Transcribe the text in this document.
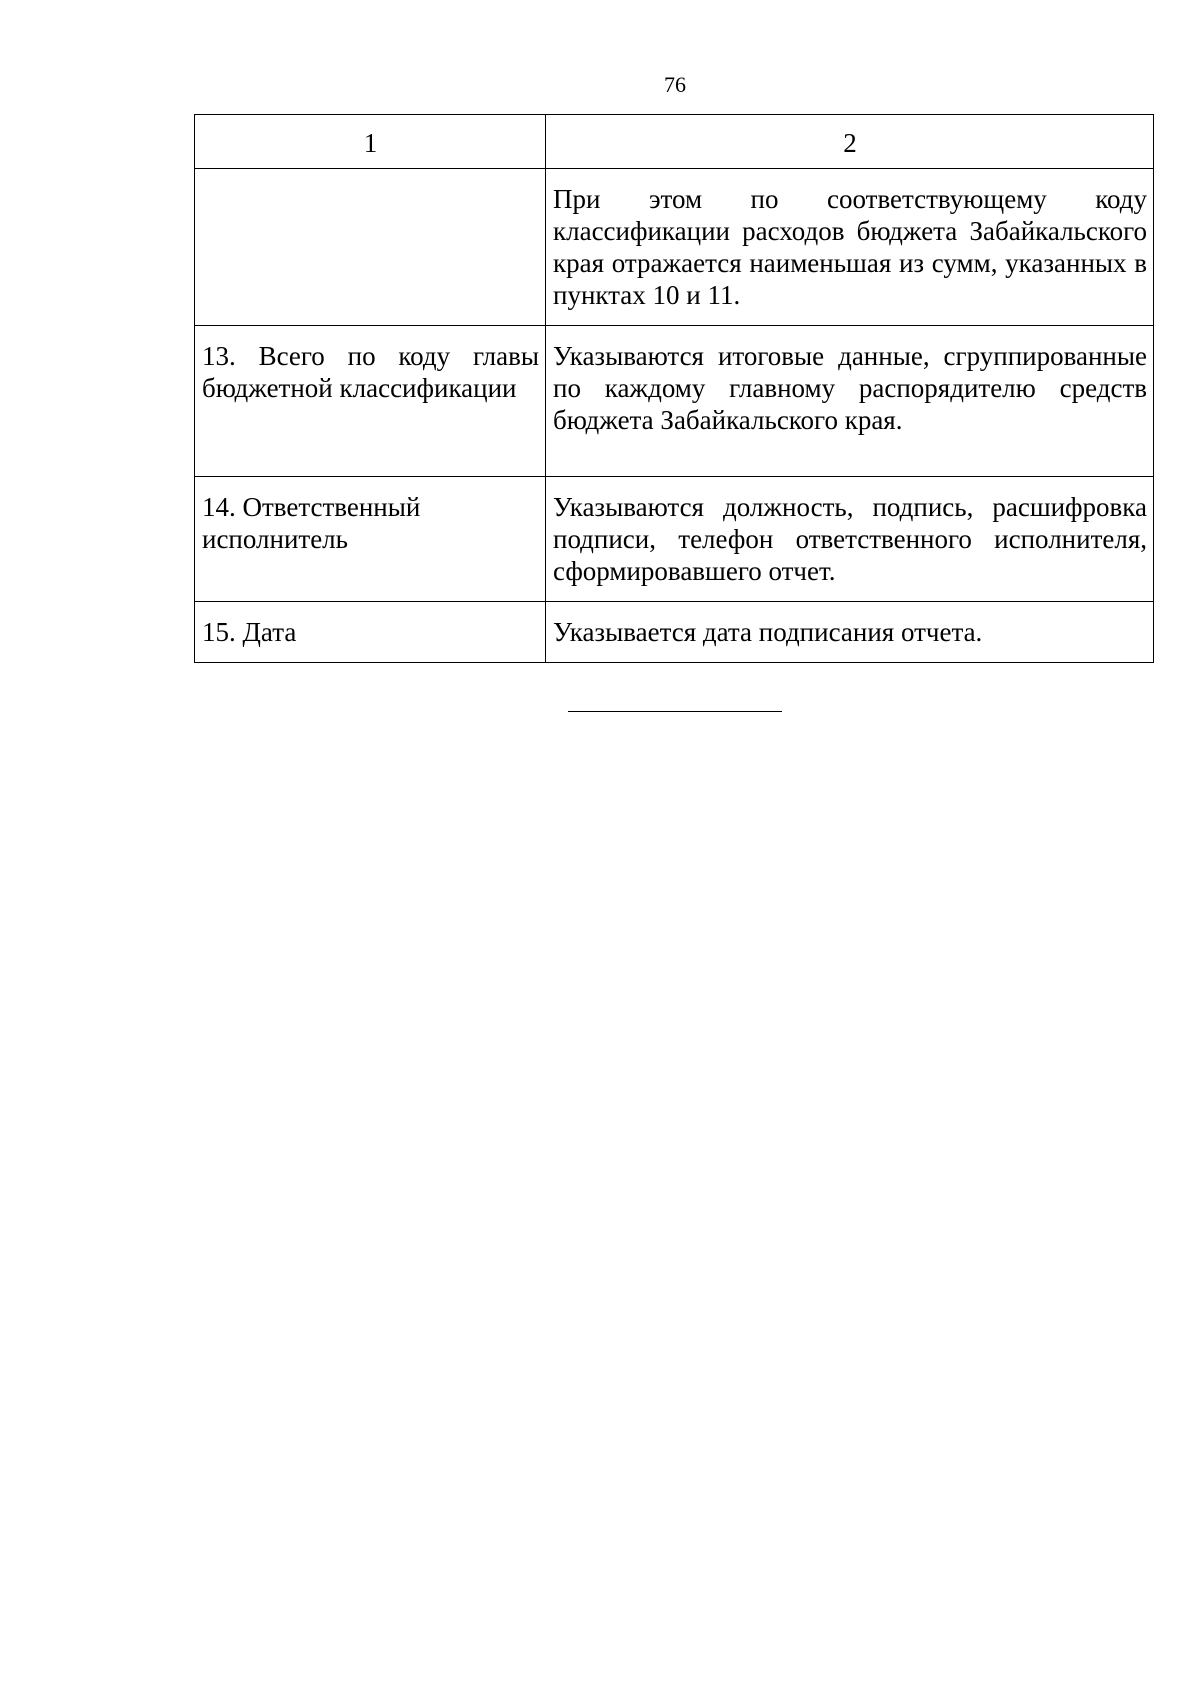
76
1	2
	При этом по соответствующему коду классификации расходов бюджета Забайкальского края отражается наименьшая из сумм, указанных в пунктах 10 и 11.
13. Всего по коду главы бюджетной классификации	Указываются итоговые данные, сгруппированные по каждому главному распорядителю средств бюджета Забайкальского края.
14. Ответственный исполнитель	Указываются должность, подпись, расшифровка подписи, телефон ответственного исполнителя, сформировавшего отчет.
15. Дата	Указывается дата подписания отчета.
